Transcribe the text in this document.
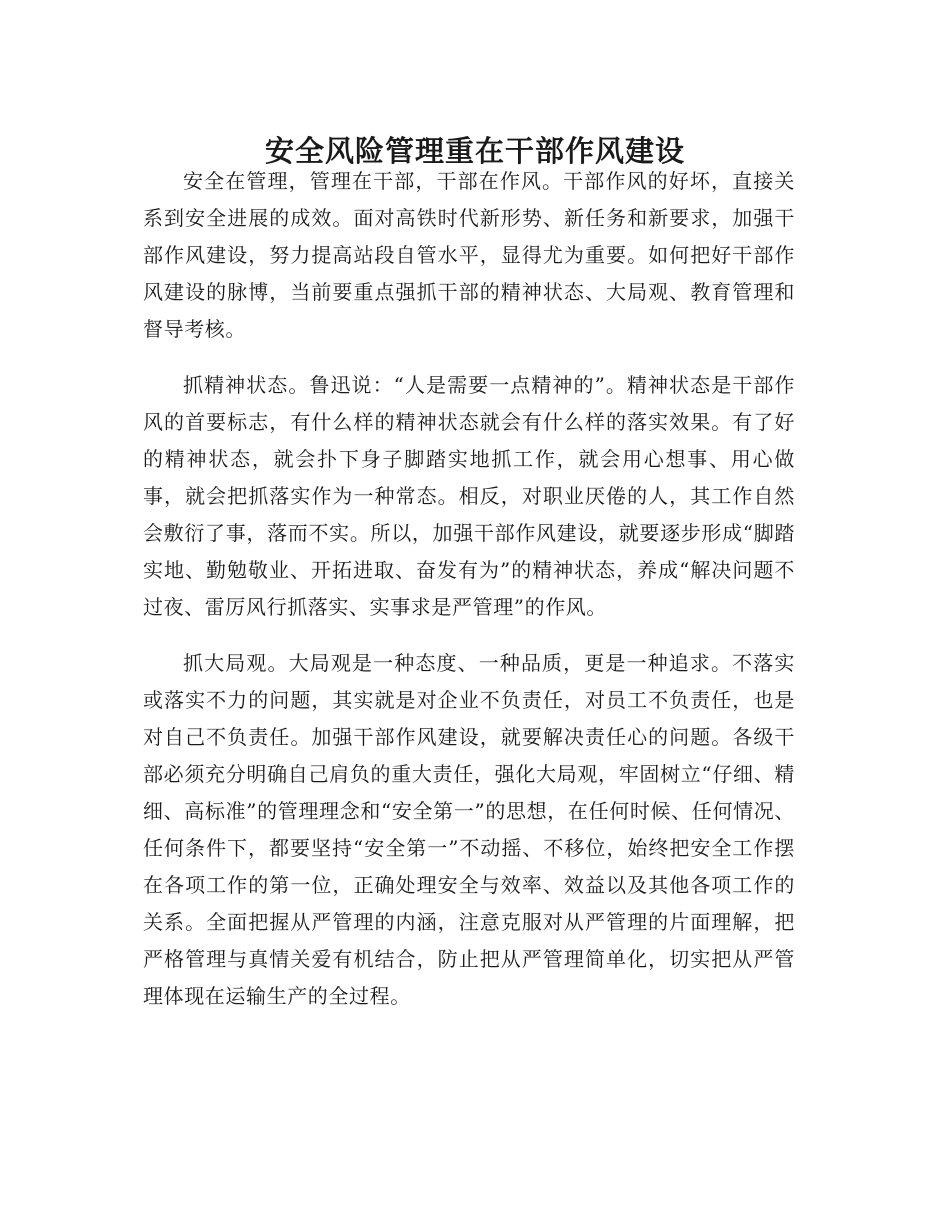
安全风险管理重在干部作风建设

安全在管理，管理在干部，干部在作风。干部作风的好坏，直接关系到安全进展的成效。面对高铁时代新形势、新任务和新要求，加强干部作风建设，努力提高站段自管水平，显得尤为重要。如何把好干部作风建设的脉博，当前要重点强抓干部的精神状态、大局观、教育管理和督导考核。

抓精神状态。鲁迅说：“人是需要一点精神的”。精神状态是干部作风的首要标志，有什么样的精神状态就会有什么样的落实效果。有了好的精神状态，就会扑下身子脚踏实地抓工作，就会用心想事、用心做事，就会把抓落实作为一种常态。相反，对职业厌倦的人，其工作自然会敷衍了事，落而不实。所以，加强干部作风建设，就要逐步形成“脚踏实地、勤勉敬业、开拓进取、奋发有为”的精神状态，养成“解决问题不过夜、雷厉风行抓落实、实事求是严管理”的作风。

抓大局观。大局观是一种态度、一种品质，更是一种追求。不落实或落实不力的问题，其实就是对企业不负责任，对员工不负责任，也是对自己不负责任。加强干部作风建设，就要解决责任心的问题。各级干部必须充分明确自己肩负的重大责任，强化大局观，牢固树立“仔细、精细、高标准”的管理理念和“安全第一”的思想，在任何时候、任何情况、任何条件下，都要坚持“安全第一”不动摇、不移位，始终把安全工作摆在各项工作的第一位，正确处理安全与效率、效益以及其他各项工作的关系。全面把握从严管理的内涵，注意克服对从严管理的片面理解，把严格管理与真情关爱有机结合，防止把从严管理简单化，切实把从严管理体现在运输生产的全过程。
